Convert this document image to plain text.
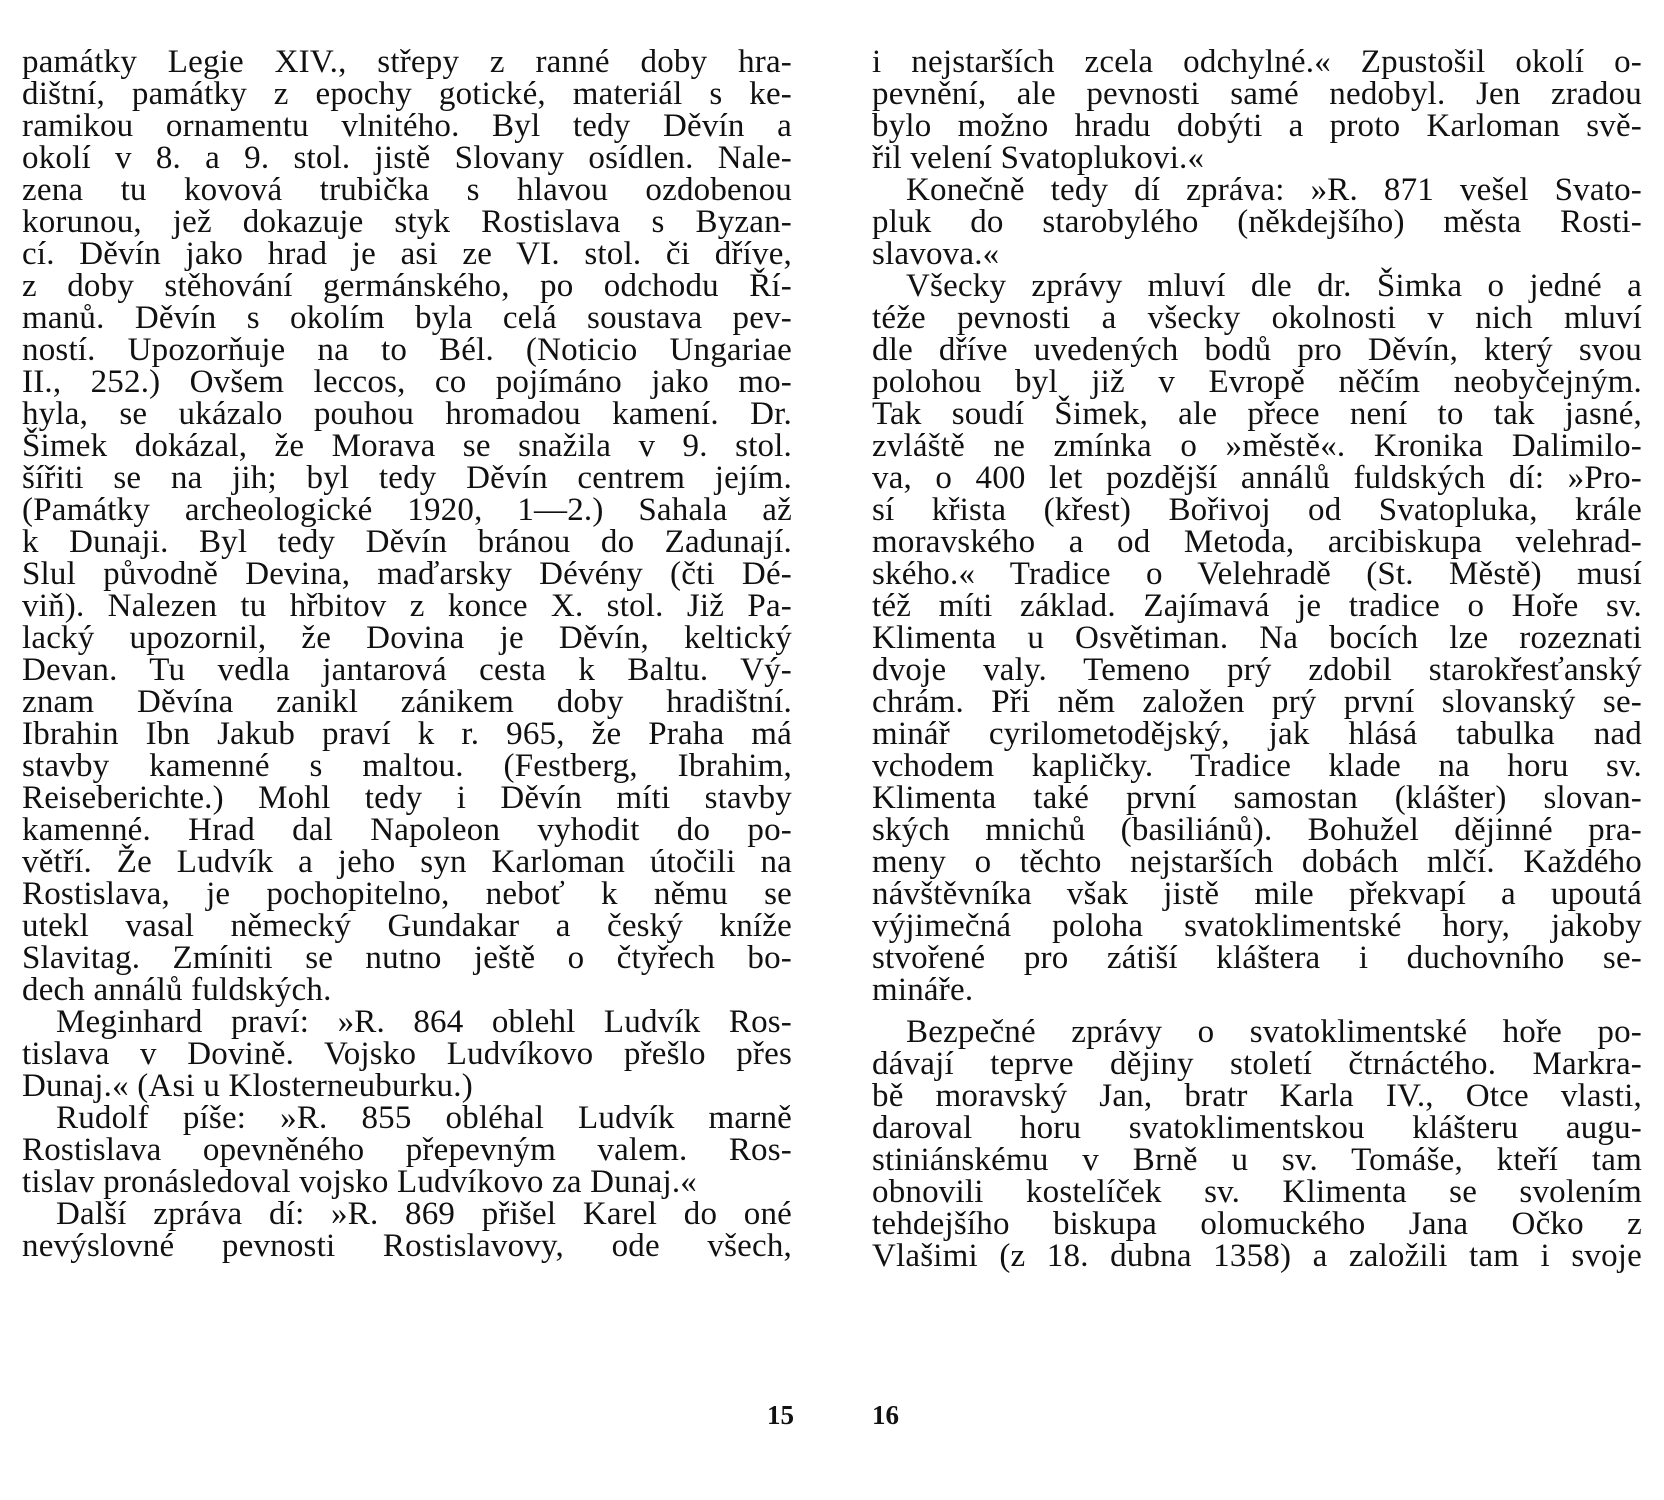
památky Legie XIV., střepy z ranné doby hra-
dištní, památky z epochy gotické, materiál s ke-
ramikou ornamentu vlnitého. Byl tedy Děvín a
okolí v 8. a 9. stol. jistě Slovany osídlen. Nale-
zena tu kovová trubička s hlavou ozdobenou
korunou, jež dokazuje styk Rostislava s Byzan-
cí. Děvín jako hrad je asi ze VI. stol. či dříve,
z doby stěhování germánského, po odchodu Ří-
manů. Děvín s okolím byla celá soustava pev-
ností. Upozorňuje na to Bél. (Noticio Ungariae
II., 252.) Ovšem leccos, co pojímáno jako mo-
hyla, se ukázalo pouhou hromadou kamení. Dr.
Šimek dokázal, že Morava se snažila v 9. stol.
šířiti se na jih; byl tedy Děvín centrem jejím.
(Památky archeologické 1920, 1—2.) Sahala až
k Dunaji. Byl tedy Děvín bránou do Zadunají.
Slul původně Devina, maďarsky Dévény (čti Dé-
viň). Nalezen tu hřbitov z konce X. stol. Již Pa-
lacký upozornil, že Dovina je Děvín, keltický
Devan. Tu vedla jantarová cesta k Baltu. Vý-
znam Děvína zanikl zánikem doby hradištní.
Ibrahin Ibn Jakub praví k r. 965, že Praha má
stavby kamenné s maltou. (Festberg, Ibrahim,
Reiseberichte.) Mohl tedy i Děvín míti stavby
kamenné. Hrad dal Napoleon vyhodit do po-
větří. Že Ludvík a jeho syn Karloman útočili na
Rostislava, je pochopitelno, neboť k němu se
utekl vasal německý Gundakar a český kníže
Slavitag. Zmíniti se nutno ještě o čtyřech bo-
dech annálů fuldských.
Meginhard praví: »R. 864 oblehl Ludvík Ros-
tislava v Dovině. Vojsko Ludvíkovo přešlo přes
Dunaj.« (Asi u Klosterneuburku.)
Rudolf píše: »R. 855 obléhal Ludvík marně
Rostislava opevněného přepevným valem. Ros-
tislav pronásledoval vojsko Ludvíkovo za Dunaj.«
Další zpráva dí: »R. 869 přišel Karel do oné
nevýslovné pevnosti Rostislavovy, ode všech,
i nejstarších zcela odchylné.« Zpustošil okolí o-
pevnění, ale pevnosti samé nedobyl. Jen zradou
bylo možno hradu dobýti a proto Karloman svě-
řil velení Svatoplukovi.«
Konečně tedy dí zpráva: »R. 871 vešel Svato-
pluk do starobylého (někdejšího) města Rosti-
slavova.«
Všecky zprávy mluví dle dr. Šimka o jedné a
téže pevnosti a všecky okolnosti v nich mluví
dle dříve uvedených bodů pro Děvín, který svou
polohou byl již v Evropě něčím neobyčejným.
Tak soudí Šimek, ale přece není to tak jasné,
zvláště ne zmínka o »městě«. Kronika Dalimilo-
va, o 400 let pozdější annálů fuldských dí: »Pro-
sí křista (křest) Bořivoj od Svatopluka, krále
moravského a od Metoda, arcibiskupa velehrad-
ského.« Tradice o Velehradě (St. Městě) musí
též míti základ. Zajímavá je tradice o Hoře sv.
Klimenta u Osvětiman. Na bocích lze rozeznati
dvoje valy. Temeno prý zdobil starokřesťanský
chrám. Při něm založen prý první slovanský se-
minář cyrilometodějský, jak hlásá tabulka nad
vchodem kapličky. Tradice klade na horu sv.
Klimenta také první samostan (klášter) slovan-
ských mnichů (basiliánů). Bohužel dějinné pra-
meny o těchto nejstarších dobách mlčí. Každého
návštěvníka však jistě mile překvapí a upoutá
výjimečná poloha svatoklimentské hory, jakoby
stvořené pro zátiší kláštera i duchovního se-
mináře.
Bezpečné zprávy o svatoklimentské hoře po-
dávají teprve dějiny století čtrnáctého. Markra-
bě moravský Jan, bratr Karla IV., Otce vlasti,
daroval horu svatoklimentskou klášteru augu-
stiniánskému v Brně u sv. Tomáše, kteří tam
obnovili kostelíček sv. Klimenta se svolením
tehdejšího biskupa olomuckého Jana Očko z
Vlašimi (z 18. dubna 1358) a založili tam i svoje
15	16
